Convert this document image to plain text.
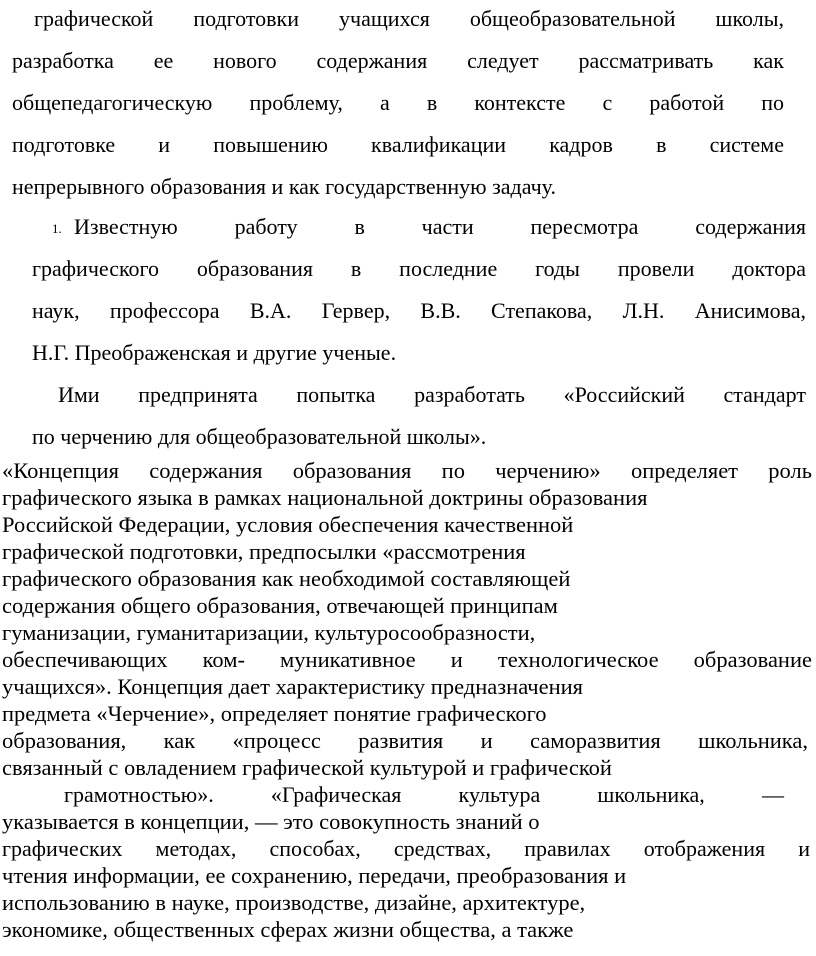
графической подготовки учащихся общеобразовательной школы,
разработка ее нового содержания следует рассматривать как
общепедагогическую проблему, а в контексте с работой по
подготовке и повышению квалификации кадров в системе
непрерывного образования и как государственную задачу.
1. Известную работу в части пересмотра содержания
графического образования в последние годы провели доктора
наук, профессора В.А. Гервер, В.В. Степакова, Л.Н. Анисимова,
Н.Г. Преображенская и другие ученые.
Ими предпринята попытка разработать «Российский стандарт
по черчению для общеобразовательной школы».
«Концепция содержания образования по черчению» определяет роль
графического языка в рамках национальной доктрины образования
Российской Федерации, условия обеспечения качественной
графической подготовки, предпосылки «рассмотрения
графического образования как необходимой составляющей
содержания общего образования, отвечающей принципам
гуманизации, гуманитаризации, культуросообразности,
обеспечивающих ком- муникативное и технологическое образование
учащихся». Концепция дает характеристику предназначения
предмета «Черчение», определяет понятие графического
образования, как «процесс развития и саморазвития школьника,
связанный с овладением графической культурой и графической
грамотностью». «Графическая культура школьника, —
указывается в концепции, — это совокупность знаний о
графических методах, способах, средствах, правилах отображения и
чтения информации, ее сохранению, передачи, преобразования и
использованию в науке, производстве, дизайне, архитектуре,
экономике, общественных сферах жизни общества, а также
